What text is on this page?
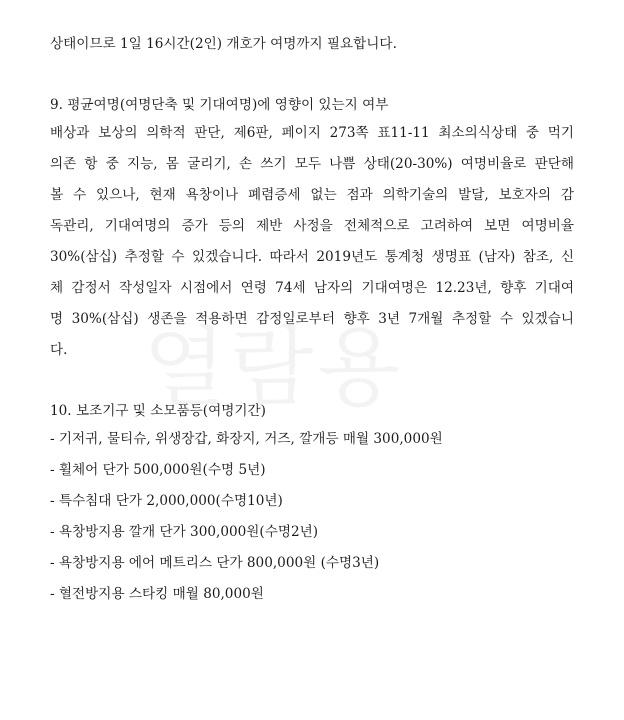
상태이므로 1일 16시간(2인) 개호가 여명까지 필요합니다.
9. 평균여명(여명단축 및 기대여명)에 영향이 있는지 여부
배상과 보상의 의학적 판단, 제6판, 페이지 273쪽 표11-11 최소의식상태 중 먹기
의존 항 중 지능, 몸 굴리기, 손 쓰기 모두 나쁨 상태(20-30%) 여명비율로 판단해
볼 수 있으나, 현재 욕창이나 폐렴증세 없는 점과 의학기술의 발달, 보호자의 감
독관리, 기대여명의 증가 등의 제반 사정을 전체적으로 고려하여 보면 여명비율
30%(삼십) 추정할 수 있겠습니다. 따라서 2019년도 통계청 생명표 (남자) 참조, 신
체 감정서 작성일자 시점에서 연령 74세 남자의 기대여명은 12.23년, 향후 기대여
명 30%(삼십) 생존을 적용하면 감정일로부터 향후 3년 7개월 추정할 수 있겠습니
다.
10. 보조기구 및 소모품등(여명기간)
- 기저귀, 물티슈, 위생장갑, 화장지, 거즈, 깔개등 매월 300,000원
- 휠체어 단가 500,000원(수명 5년)
- 특수침대 단가 2,000,000(수명10년)
- 욕창방지용 깔개 단가 300,000원(수명2년)
- 욕창방지용 에어 메트리스 단가 800,000원 (수명3년)
- 혈전방지용 스타킹 매월 80,000원
